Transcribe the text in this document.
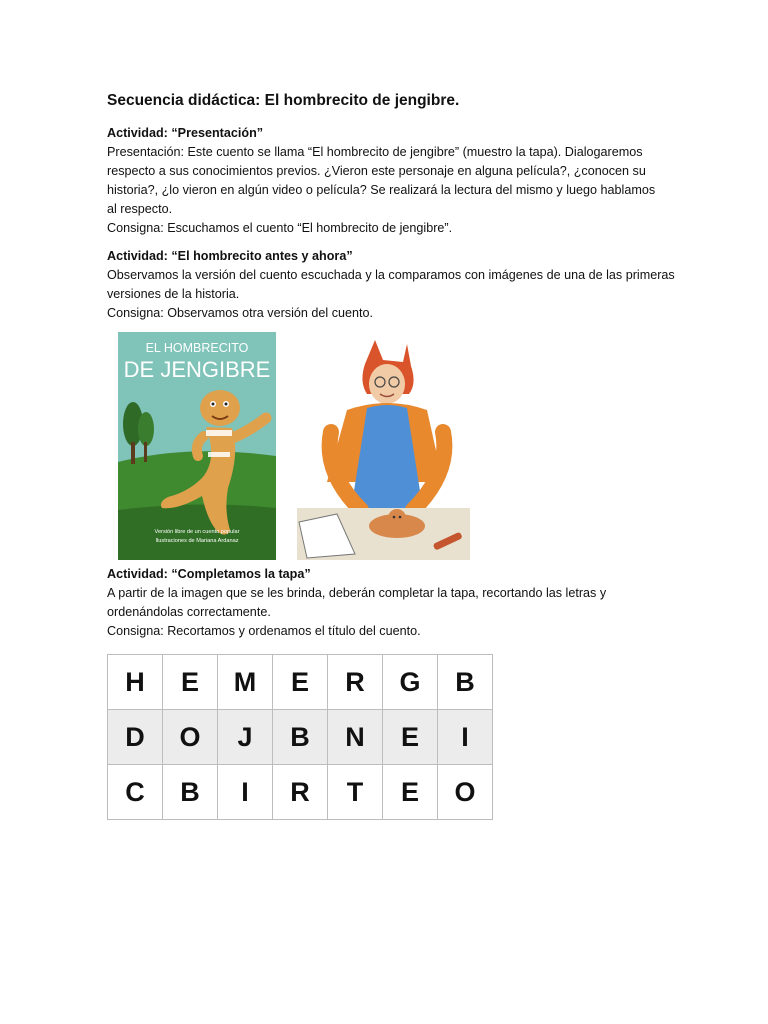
Secuencia didáctica: El hombrecito de jengibre.
Actividad: “Presentación”
Presentación: Este cuento se llama “El hombrecito de jengibre” (muestro la tapa). Dialogaremos
respecto a sus conocimientos previos. ¿Vieron este personaje en alguna película?, ¿conocen su
historia?, ¿lo vieron en algún video o película? Se realizará la lectura del mismo y luego hablamos
al respecto.
Consigna: Escuchamos el cuento “El hombrecito de jengibre”.
Actividad: “El hombrecito antes y ahora”
Observamos la versión del cuento escuchada y la comparamos con imágenes de una de las primeras
versiones de la historia.
Consigna: Observamos otra versión del cuento.
EL HOMBRECITO
DE JENGIBRE
Versión libre de un cuento popular
Ilustraciones de Mariana Ardanaz
Actividad: “Completamos la tapa”
A partir de la imagen que se les brinda, deberán completar la tapa, recortando las letras y
ordenándolas correctamente.
Consigna: Recortamos y ordenamos el título del cuento.
H	E	M	E	R	G	B
D	O	J	B	N	E	I
C	B	I	R	T	E	O
